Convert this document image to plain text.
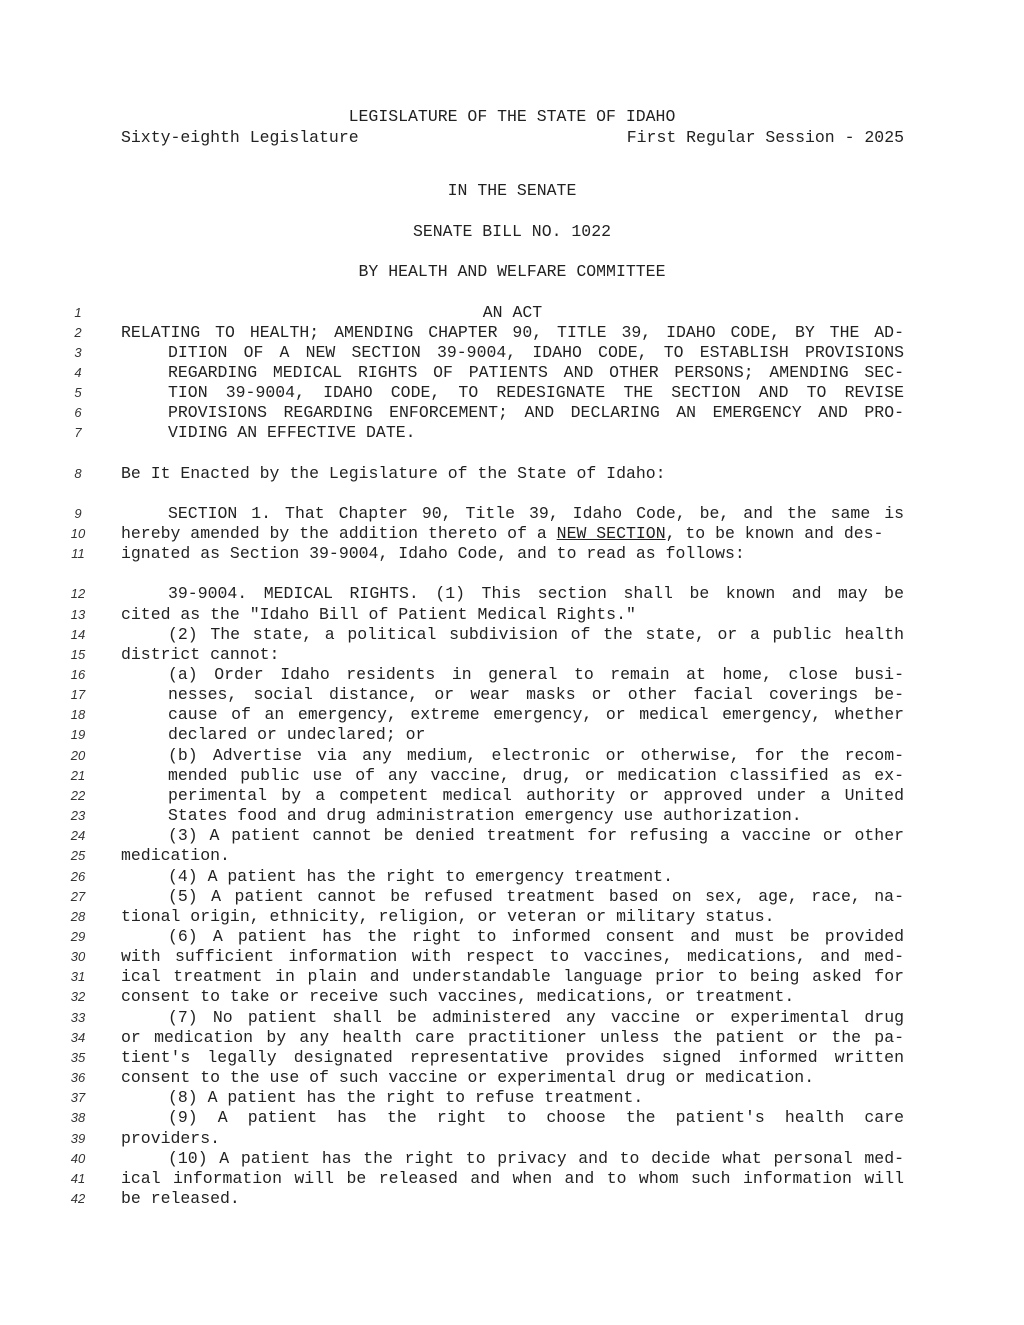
LEGISLATURE OF THE STATE OF IDAHO
Sixty-eighth Legislature	First Regular Session - 2025
IN THE SENATE
SENATE BILL NO. 1022
BY HEALTH AND WELFARE COMMITTEE
1	AN ACT
2	RELATING TO HEALTH; AMENDING CHAPTER 90, TITLE 39, IDAHO CODE, BY THE AD-
3	DITION OF A NEW SECTION 39-9004, IDAHO CODE, TO ESTABLISH PROVISIONS
4	REGARDING MEDICAL RIGHTS OF PATIENTS AND OTHER PERSONS; AMENDING SEC-
5	TION 39-9004, IDAHO CODE, TO REDESIGNATE THE SECTION AND TO REVISE
6	PROVISIONS REGARDING ENFORCEMENT; AND DECLARING AN EMERGENCY AND PRO-
7	VIDING AN EFFECTIVE DATE.
8	Be It Enacted by the Legislature of the State of Idaho:
9	SECTION 1. That Chapter 90, Title 39, Idaho Code, be, and the same is
10 hereby amended by the addition thereto of a NEW SECTION, to be known and des-
11 ignated as Section 39-9004, Idaho Code, and to read as follows:
12	39-9004. MEDICAL RIGHTS. (1) This section shall be known and may be
13 cited as the "Idaho Bill of Patient Medical Rights."
14	(2) The state, a political subdivision of the state, or a public health
15 district cannot:
16	(a) Order Idaho residents in general to remain at home, close busi-
17	nesses, social distance, or wear masks or other facial coverings be-
18	cause of an emergency, extreme emergency, or medical emergency, whether
19	declared or undeclared; or
20	(b) Advertise via any medium, electronic or otherwise, for the recom-
21	mended public use of any vaccine, drug, or medication classified as ex-
22	perimental by a competent medical authority or approved under a United
23	States food and drug administration emergency use authorization.
24	(3) A patient cannot be denied treatment for refusing a vaccine or other
25 medication.
26	(4) A patient has the right to emergency treatment.
27	(5) A patient cannot be refused treatment based on sex, age, race, na-
28 tional origin, ethnicity, religion, or veteran or military status.
29	(6) A patient has the right to informed consent and must be provided
30 with sufficient information with respect to vaccines, medications, and med-
31 ical treatment in plain and understandable language prior to being asked for
32 consent to take or receive such vaccines, medications, or treatment.
33	(7) No patient shall be administered any vaccine or experimental drug
34 or medication by any health care practitioner unless the patient or the pa-
35 tient's legally designated representative provides signed informed written
36 consent to the use of such vaccine or experimental drug or medication.
37	(8) A patient has the right to refuse treatment.
38	(9) A patient has the right to choose the patient's health care
39 providers.
40	(10) A patient has the right to privacy and to decide what personal med-
41 ical information will be released and when and to whom such information will
42 be released.
